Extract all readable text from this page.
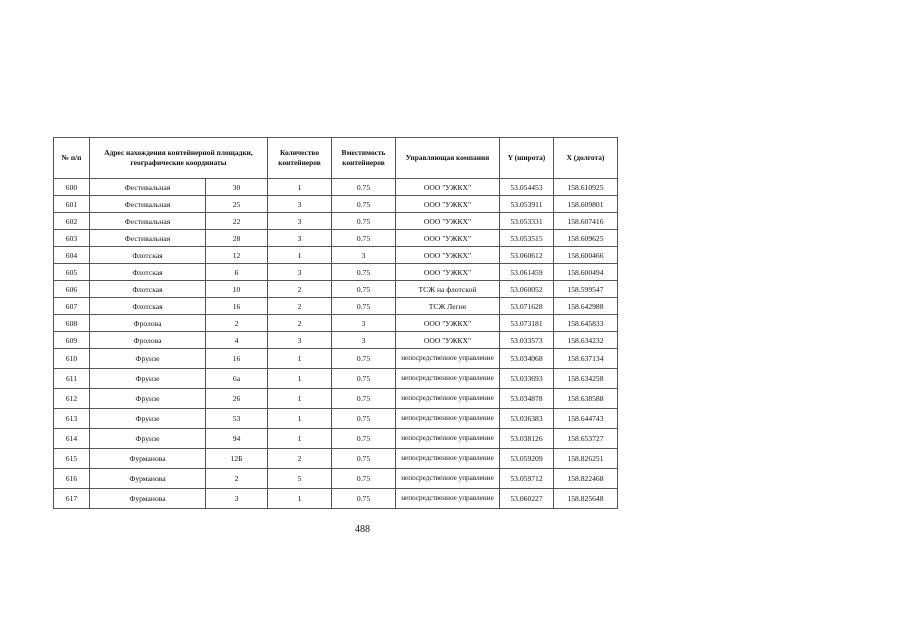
№ п/п	Адрес нахождения контейнерной площадки, географические координаты		Количество контейнеров	Вместимость контейнеров	Управляющая компания	Y (широта)	X (долгота)
600	Фестивальная	30	1	0.75	ООО "УЖКХ"	53.054453	158.610925
601	Фестивальная	25	3	0.75	ООО "УЖКХ"	53.053911	158.609801
602	Фестивальная	22	3	0.75	ООО "УЖКХ"	53.053331	158.607416
603	Фестивальная	28	3	0.75	ООО "УЖКХ"	53.053515	158.609625
604	Флотская	12	1	3	ООО "УЖКХ"	53.060612	158.600466
605	Флотская	6	3	0.75	ООО "УЖКХ"	53.061459	158.600494
606	Флотская	10	2	0.75	ТСЖ на флотской	53.060052	158.599547
607	Флотская	16	2	0.75	ТСЖ Легне	53.071628	158.642988
608	Фролова	2	2	3	ООО "УЖКХ"	53.073181	158.645833
609	Фролова	4	3	3	ООО "УЖКХ"	53.033573	158.634232
610	Фрунзе	16	1	0.75	непосредственное управление	53.034068	158.637134
611	Фрунзе	6а	1	0.75	непосредственное управление	53.033693	158.634258
612	Фрунзе	26	1	0.75	непосредственное управление	53.034878	158.638588
613	Фрунзе	53	1	0.75	непосредственное управление	53.036383	158.644743
614	Фрунзе	94	1	0.75	непосредственное управление	53.038126	158.653727
615	Фурманова	12Б	2	0.75	непосредственное управление	53.059209	158.826251
616	Фурманова	2	5	0.75	непосредственное управление	53.059712	158.822468
617	Фурманова	3	1	0.75	непосредственное управление	53.060227	158.825648
488
